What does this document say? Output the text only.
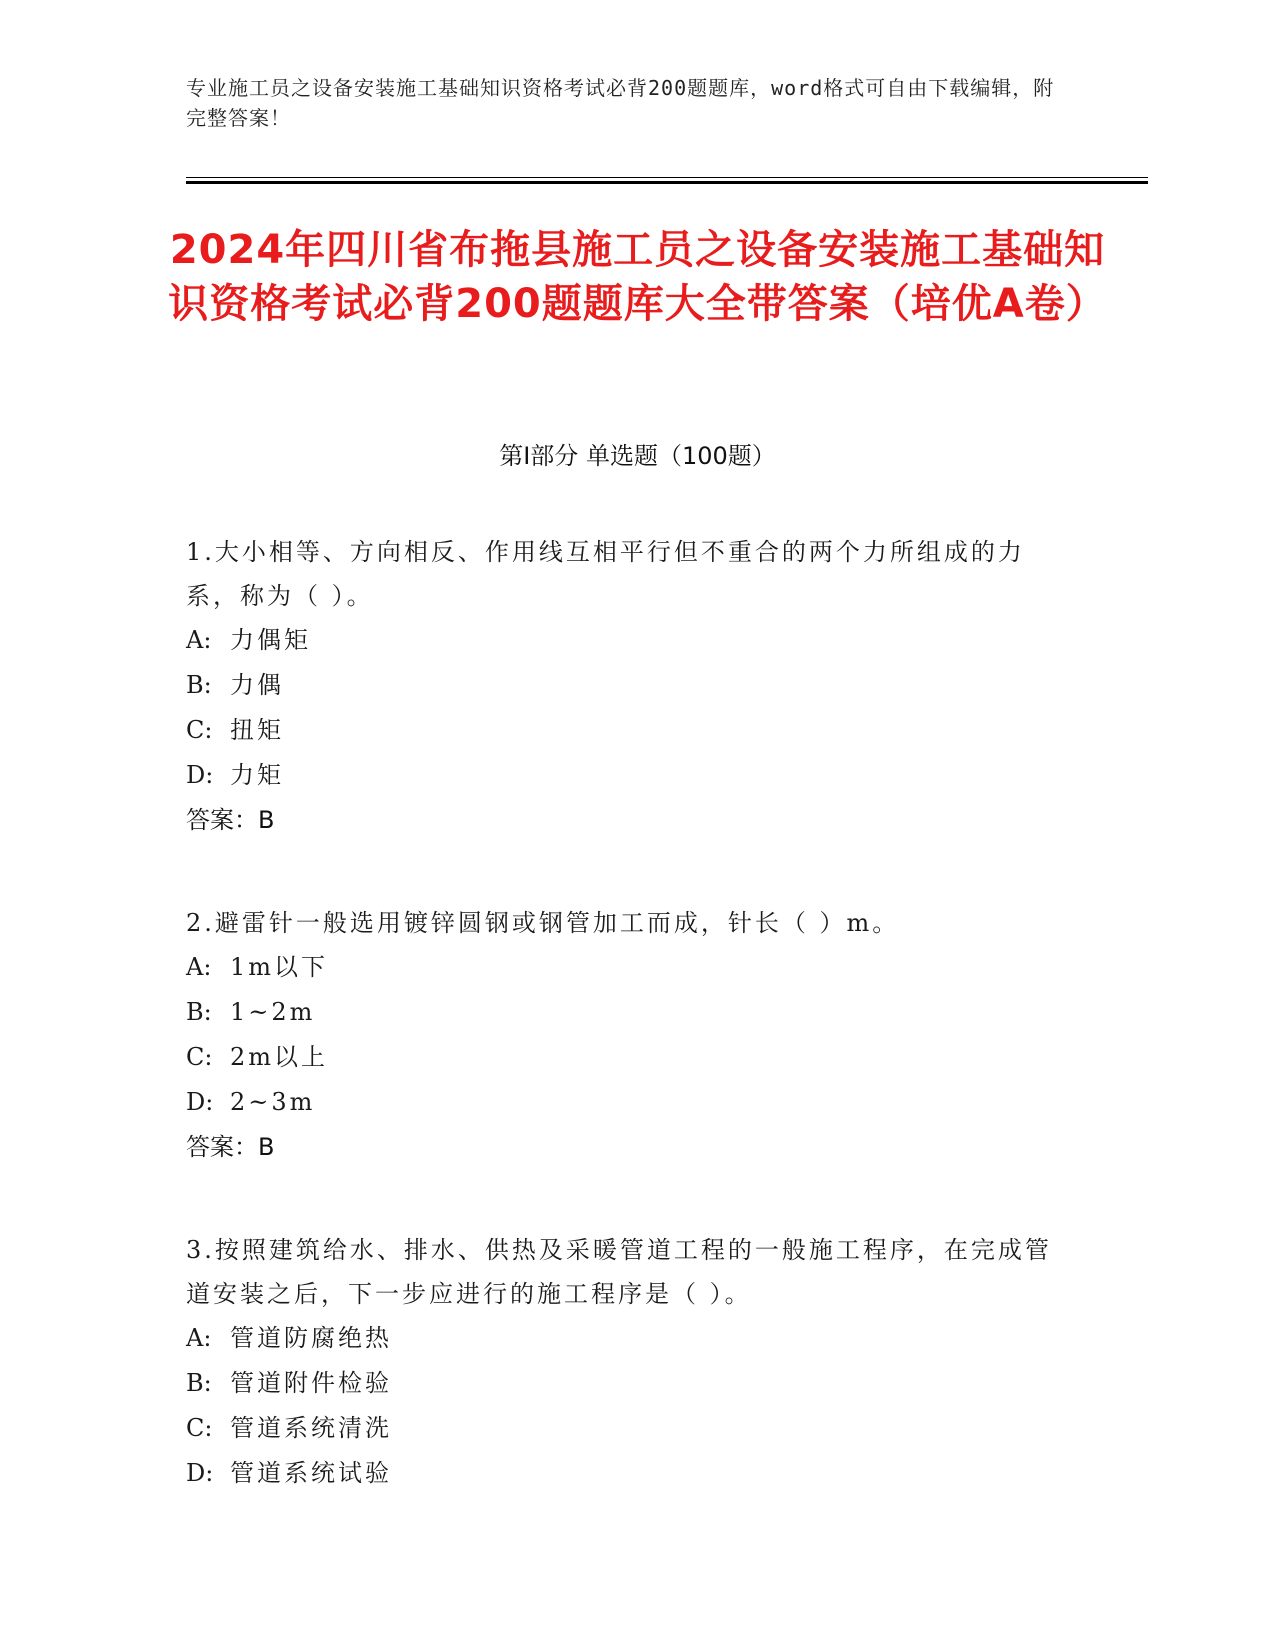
专业施工员之设备安装施工基础知识资格考试必背200题题库，word格式可自由下载编辑，附完整答案！
2024年四川省布拖县施工员之设备安装施工基础知识资格考试必背200题题库大全带答案（培优A卷）
第I部分 单选题（100题）

1.大小相等、方向相反、作用线互相平行但不重合的两个力所组成的力系，称为（ ）。

A: 力偶矩

B: 力偶

C: 扭矩

D: 力矩

答案：B

2.避雷针一般选用镀锌圆钢或钢管加工而成，针长（ ）m。

A: 1m以下

B: 1~2m

C: 2m以上

D: 2~3m

答案：B

3.按照建筑给水、排水、供热及采暖管道工程的一般施工程序，在完成管道安装之后，下一步应进行的施工程序是（ ）。

A: 管道防腐绝热

B: 管道附件检验

C: 管道系统清洗

D: 管道系统试验
